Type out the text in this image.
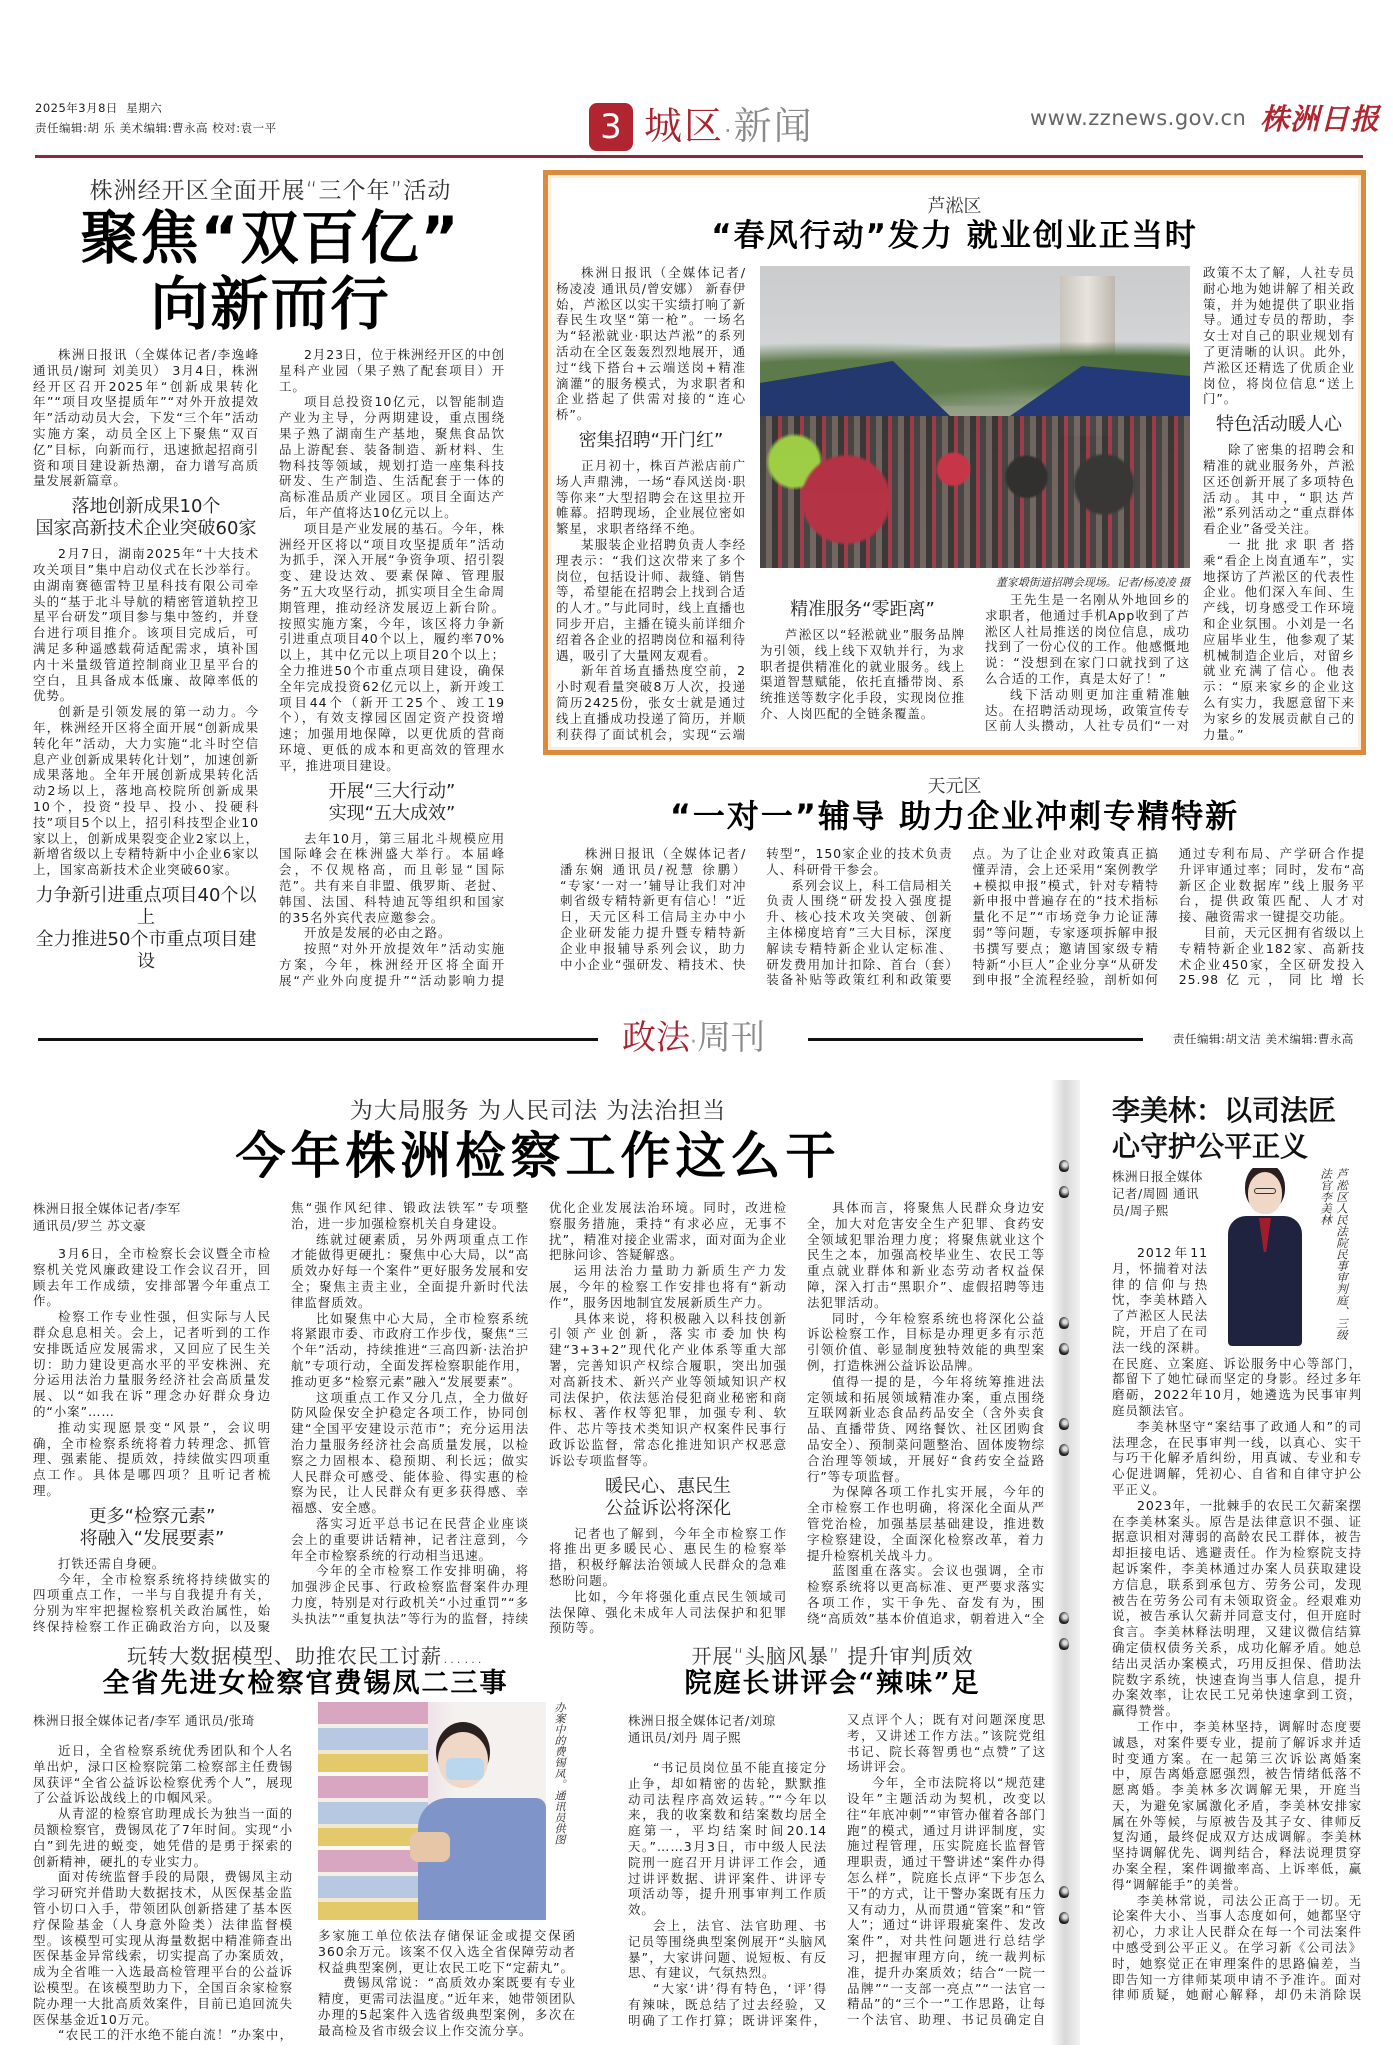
2025年3月8日 星期六
责任编辑:胡 乐 美术编辑:曹永高 校对:袁一平	3 城区·新闻	www.zznews.gov.cn 株洲日报
株洲经开区全面开展“三个年”活动
聚焦“双百亿”
向新而行

株洲日报讯（全媒体记者/李逸峰 通讯员/谢珂 刘美贝） 3月4日，株洲经开区召开2025年“创新成果转化年”“项目攻坚提质年”“对外开放提效年”活动动员大会，下发“三个年”活动实施方案，动员全区上下聚焦“双百亿”目标，向新而行，迅速掀起招商引资和项目建设新热潮，奋力谱写高质量发展新篇章。

落地创新成果10个
国家高新技术企业突破60家

2月7日，湖南2025年“十大技术攻关项目”集中启动仪式在长沙举行。由湖南赛德雷特卫星科技有限公司牵头的“基于北斗导航的精密管道轨控卫星平台研发”项目参与集中签约，并登台进行项目推介。该项目完成后，可满足多种遥感载荷适配需求，填补国内十米量级管道控制商业卫星平台的空白，且具备成本低廉、故障率低的优势。

创新是引领发展的第一动力。今年，株洲经开区将全面开展“创新成果转化年”活动，大力实施“北斗时空信息产业创新成果转化计划”，加速创新成果落地。全年开展创新成果转化活动2场以上，落地高校院所创新成果10个，投资“投早、投小、投硬科技”项目5个以上，招引科技型企业10家以上，创新成果裂变企业2家以上，新增省级以上专精特新中小企业6家以上，国家高新技术企业突破60家。

力争新引进重点项目40个以上
全力推进50个市重点项目建设

2月23日，位于株洲经开区的中创星科产业园（果子熟了配套项目）开工。

项目总投资10亿元，以智能制造产业为主导，分两期建设，重点围绕果子熟了湖南生产基地，聚焦食品饮品上游配套、装备制造、新材料、生物科技等领域，规划打造一座集科技研发、生产制造、生活配套于一体的高标准品质产业园区。项目全面达产后，年产值将达10亿元以上。

项目是产业发展的基石。今年，株洲经开区将以“项目攻坚提质年”活动为抓手，深入开展“争资争项、招引裂变、建设达效、要素保障、管理服务”五大攻坚行动，抓实项目全生命周期管理，推动经济发展迈上新台阶。按照实施方案，今年，该区将力争新引进重点项目40个以上，履约率70%以上，其中亿元以上项目20个以上；全力推进50个市重点项目建设，确保全年完成投资62亿元以上，新开竣工项目44个（新开工25个、竣工19个），有效支撑园区固定资产投资增速；加强用地保障，以更优质的营商环境、更低的成本和更高效的管理水平，推进项目建设。

开展“三大行动”
实现“五大成效”

去年10月，第三届北斗规模应用国际峰会在株洲盛大举行。本届峰会，不仅规格高，而且彰显“国际范”。共有来自非盟、俄罗斯、老挝、韩国、法国、科特迪瓦等组织和国家的35名外宾代表应邀参会。

开放是发展的必由之路。

按照“对外开放提效年”活动实施方案，今年，株洲经开区将全面开展“产业外向度提升”“活动影响力提

芦淞区
“春风行动”发力 就业创业正当时

株洲日报讯（全媒体记者/杨凌凌 通讯员/曾安娜） 新春伊始，芦淞区以实干实绩打响了新春民生攻坚“第一枪”。一场名为“轻淞就业·职达芦淞”的系列活动在全区轰轰烈烈地展开，通过“线下搭台+云端送岗+精准滴灌”的服务模式，为求职者和企业搭起了供需对接的“连心桥”。

密集招聘“开门红”

正月初十，株百芦淞店前广场人声鼎沸，一场“春风送岗·职等你来”大型招聘会在这里拉开帷幕。招聘现场，企业展位密如繁星，求职者络绎不绝。

某服装企业招聘负责人李经理表示：“我们这次带来了多个岗位，包括设计师、裁缝、销售等，希望能在招聘会上找到合适的人才。”与此同时，线上直播也同步开启，主播在镜头前详细介绍着各企业的招聘岗位和福利待遇，吸引了大量网友观看。

新年首场直播热度空前，2小时观看量突破8万人次，投递简历2425份，张女士就是通过线上直播成功投递了简历，并顺利获得了面试机会，实现“云端

董家塅街道招聘会现场。记者/杨凌凌 摄
精准服务“零距离”

芦淞区以“轻淞就业”服务品牌为引领，线上线下双轨并行，为求职者提供精准化的就业服务。线上渠道智慧赋能，依托直播带岗、系统推送等数字化手段，实现岗位推介、人岗匹配的全链条覆盖。

王先生是一名刚从外地回乡的求职者，他通过手机App收到了芦淞区人社局推送的岗位信息，成功找到了一份心仪的工作。他感慨地说：“没想到在家门口就找到了这么合适的工作，真是太好了！”

线下活动则更加注重精准触达。在招聘活动现场，政策宣传专区前人头攒动，人社专员们“一对

政策不太了解，人社专员耐心地为她讲解了相关政策，并为她提供了职业指导。通过专员的帮助，李女士对自己的职业规划有了更清晰的认识。此外，芦淞区还精选了优质企业岗位，将岗位信息“送上门”。

特色活动暖人心

除了密集的招聘会和精准的就业服务外，芦淞区还创新开展了多项特色活动。其中，“职达芦淞”系列活动之“重点群体看企业”备受关注。

一批批求职者搭乘“看企上岗直通车”，实地探访了芦淞区的代表性企业。他们深入车间、生产线，切身感受工作环境和企业氛围。小刘是一名应届毕业生，他参观了某机械制造企业后，对留乡就业充满了信心。他表示：“原来家乡的企业这么有实力，我愿意留下来为家乡的发展贡献自己的力量。”

天元区
“一对一”辅导 助力企业冲刺专精特新

株洲日报讯（全媒体记者/潘东娴 通讯员/祝慧 徐鹏） “专家‘一对一’辅导让我们对冲刺省级专精特新更有信心！”近日，天元区科工信局主办中小企业研发能力提升暨专精特新企业申报辅导系列会议，助力中小企业“强研发、精技术、快转型”，150家企业的技术负责人、科研骨干参会。

系列会议上，科工信局相关负责人围绕“研发投入强度提升、核心技术攻关突破、创新主体梯度培育”三大目标，深度解读专精特新企业认定标准、研发费用加计扣除、首台（套）装备补贴等政策红利和政策要点。为了让企业对政策真正搞懂弄清，会上还采用“案例教学+模拟申报”模式，针对专精特新申报中普遍存在的“技术指标量化不足”“市场竞争力论证薄弱”等问题，专家逐项拆解申报书撰写要点；邀请国家级专精特新“小巨人”企业分享“从研发到申报”全流程经验，剖析如何通过专利布局、产学研合作提升评审通过率；同时，发布“高新区企业数据库”线上服务平台，提供政策匹配、人才对接、融资需求一键提交功能。

目前，天元区拥有省级以上专精特新企业182家、高新技术企业450家，全区研发投入25.98亿元，同比增长

政法·周刊	责任编辑:胡文洁 美术编辑:曹永高
为大局服务 为人民司法 为法治担当
今年株洲检察工作这么干
株洲日报全媒体记者/李军
通讯员/罗兰 苏文豪

3月6日，全市检察长会议暨全市检察机关党风廉政建设工作会议召开，回顾去年工作成绩，安排部署今年重点工作。

检察工作专业性强，但实际与人民群众息息相关。会上，记者听到的工作安排既适应发展需求，又回应了民生关切：助力建设更高水平的平安株洲、充分运用法治力量服务经济社会高质量发展、以“如我在诉”理念办好群众身边的“小案”……

推动实现愿景变“风景”，会议明确，全市检察系统将着力转理念、抓管理、强素能、提质效，持续做实四项重点工作。具体是哪四项？且听记者梳理。

更多“检察元素”
将融入“发展要素”

打铁还需自身硬。

今年，全市检察系统将持续做实的四项重点工作，一半与自我提升有关，分别为牢牢把握检察机关政治属性，始终保持检察工作正确政治方向，以及聚焦“强作风纪律、锻政法铁军”专项整治，进一步加强检察机关自身建设。

练就过硬素质，另外两项重点工作才能做得更硬扎：聚焦中心大局，以“高质效办好每一个案件”更好服务发展和安全；聚焦主责主业，全面提升新时代法律监督质效。

比如聚焦中心大局，全市检察系统将紧跟市委、市政府工作步伐，聚焦“三个年”活动，持续推进“三高四新·法治护航”专项行动，全面发挥检察职能作用，推动更多“检察元素”融入“发展要素”。

这项重点工作又分几点，全力做好防风险保安全护稳定各项工作，协同创建“全国平安建设示范市”；充分运用法治力量服务经济社会高质量发展，以检察之力固根本、稳预期、利长远；做实人民群众可感受、能体验、得实惠的检察为民，让人民群众有更多获得感、幸福感、安全感。

落实习近平总书记在民营企业座谈会上的重要讲话精神，记者注意到，今年全市检察系统的行动相当迅速。

今年的全市检察工作安排明确，将加强涉企民事、行政检察监督案件办理力度，特别是对行政机关“小过重罚”“多头执法”“重复执法”等行为的监督，持续优化企业发展法治环境。同时，改进检察服务措施，秉持“有求必应，无事不扰”，精准对接企业需求，面对面为企业把脉问诊、答疑解惑。

运用法治力量助力新质生产力发展，今年的检察工作安排也将有“新动作”，服务因地制宜发展新质生产力。

具体来说，将积极融入以科技创新引领产业创新，落实市委加快构建“3+3+2”现代化产业体系等重大部署，完善知识产权综合履职，突出加强对高新技术、新兴产业等领域知识产权司法保护，依法惩治侵犯商业秘密和商标权、著作权等犯罪，加强专利、软件、芯片等技术类知识产权案件民事行政诉讼监督，常态化推进知识产权恶意诉讼专项监督等。

暖民心、惠民生
公益诉讼将深化

记者也了解到，今年全市检察工作将推出更多暖民心、惠民生的检察举措，积极纾解法治领域人民群众的急难愁盼问题。

比如，今年将强化重点民生领域司法保障、强化未成年人司法保护和犯罪预防等。

具体而言，将聚焦人民群众身边安全，加大对危害安全生产犯罪、食药安全领域犯罪治理力度；将聚焦就业这个民生之本，加强高校毕业生、农民工等重点就业群体和新业态劳动者权益保障，深入打击“黑职介”、虚假招聘等违法犯罪活动。

同时，今年检察系统也将深化公益诉讼检察工作，目标是办理更多有示范引领价值、彰显制度独特效能的典型案例，打造株洲公益诉讼品牌。

值得一提的是，今年将统筹推进法定领域和拓展领域精准办案，重点围绕互联网新业态食品药品安全（含外卖食品、直播带货、网络餐饮、社区团购食品安全）、预制菜问题整治、固体废物综合治理等领域，开展好“食药安全益路行”等专项监督。

为保障各项工作扎实开展，今年的全市检察工作也明确，将深化全面从严管党治检，加强基层基础建设，推进数字检察建设，全面深化检察改革，着力提升检察机关战斗力。

蓝图重在落实。会议也强调，全市检察系统将以更高标准、更严要求落实各项工作，实干争先、奋发有为，围绕“高质效”基本价值追求，朝着进入“全

李美林：以司法匠心守护公平正义
芦淞区人民法院民事审判庭、三级法官李美林
株洲日报全媒体记者/周圆 通讯员/周子熙

2012年11月，怀揣着对法律的信仰与热忱，李美林踏入了芦淞区人民法院，开启了在司法一线的深耕。在民庭、立案庭、诉讼服务中心等部门，都留下了她忙碌而坚定的身影。经过多年磨砺，2022年10月，她遴选为民事审判庭员额法官。

李美林坚守“案结事了政通人和”的司法理念，在民事审判一线，以真心、实干与巧干化解矛盾纠纷，用真诚、专业和专心促进调解，凭初心、自省和自律守护公平正义。

2023年，一批棘手的农民工欠薪案摆在李美林案头。原告是法律意识不强、证据意识相对薄弱的高龄农民工群体，被告却拒接电话、逃避责任。作为检察院支持起诉案件，李美林通过办案人员获取建设方信息，联系到承包方、劳务公司，发现被告在劳务公司有未领取资金。经艰难劝说，被告承认欠薪并同意支付，但开庭时食言。李美林释法明理，又建议微信结算确定债权债务关系，成功化解矛盾。她总结出灵活办案模式，巧用反担保、借助法院数字系统，快速查询当事人信息，提升办案效率，让农民工兄弟快速拿到工资，赢得赞誉。

工作中，李美林坚持，调解时态度要诚恳，对案件要专业，提前了解诉求并适时变通方案。在一起第三次诉讼离婚案中，原告离婚意愿强烈，被告情绪低落不愿离婚。李美林多次调解无果，开庭当天，为避免家属激化矛盾，李美林安排家属在外等候，与原被告及其子女、律师反复沟通，最终促成双方达成调解。李美林坚持调解优先、调判结合，释法说理贯穿办案全程，案件调撤率高、上诉率低，赢得“调解能手”的美誉。

李美林常说，司法公正高于一切。无论案件大小、当事人态度如何，她都坚守初心，力求让人民群众在每一个司法案件中感受到公平正义。在学习新《公司法》时，她察觉正在审理案件的思路偏差，当即告知一方律师某项申请不予准许。面对律师质疑，她耐心解释，却仍未消除误

玩转大数据模型、助推农民工讨薪……
全省先进女检察官费锡凤二三事
株洲日报全媒体记者/李军 通讯员/张琦

近日，全省检察系统优秀团队和个人名单出炉，渌口区检察院第二检察部主任费锡凤获评“全省公益诉讼检察优秀个人”，展现了公益诉讼战线上的巾帼风采。

从青涩的检察官助理成长为独当一面的员额检察官，费锡凤花了7年时间。实现“小白”到先进的蜕变，她凭借的是勇于探索的创新精神，硬扎的专业实力。

面对传统监督手段的局限，费锡凤主动学习研究并借助大数据技术，从医保基金监管小切口入手，带领团队创新搭建了基本医疗保险基金（人身意外险类）法律监督模型。该模型可实现从海量数据中精准筛查出医保基金异常线索，切实提高了办案质效，成为全省唯一入选最高检管理平台的公益诉讼模型。在该模型助力下，全国百余家检察院办理一大批高质效案件，目前已追回流失医保基金近10万元。

“农民工的汗水绝不能白流！”办案中，

办案中的费锡凤。通讯员供图

多家施工单位依法存储保证金或提交保函360余万元。该案不仅入选全省保障劳动者权益典型案例，更让农民工吃下“定薪丸”。

费锡凤常说：“高质效办案既要有专业精度，更需司法温度。”近年来，她带领团队办理的5起案件入选省级典型案例，多次在最高检及省市级会议上作交流分享。

开展“头脑风暴” 提升审判质效
院庭长讲评会“辣味”足
株洲日报全媒体记者/刘琼
通讯员/刘丹 周子熙

“书记员岗位虽不能直接定分止争，却如精密的齿轮，默默推动司法程序高效运转。”“今年以来，我的收案数和结案数均居全庭第一，平均结案时间20.14天。”……3月3日，市中级人民法院刑一庭召开月讲评工作会，通过讲评数据、讲评案件、讲评专项活动等，提升刑事审判工作质效。

会上，法官、法官助理、书记员等围绕典型案例展开“头脑风暴”，大家讲问题、说短板、有反思、有建议，气氛热烈。

“大家‘讲’得有特色，‘评’得有辣味，既总结了过去经验，又明确了工作打算；既讲评案件，又点评个人；既有对问题深度思考，又讲述工作方法。”该院党组书记、院长蒋智勇也“点赞”了这场讲评会。

今年，全市法院将以“规范建设年”主题活动为契机，改变以往“年底冲刺”“审管办催着各部门跑”的模式，通过月讲评制度，实施过程管理，压实院庭长监督管理职责，通过干警讲述“案件办得怎么样”，院庭长点评“下步怎么干”的方式，让干警办案既有压力又有动力，从而贯通“管案”和“管人”；通过“讲评瑕疵案件、发改案件”，对共性问题进行总结学习，把握审理方向，统一裁判标准，提升办案质效；结合“一院一品牌”“一支部一亮点”“一法官一精品”的“三个一”工作思路，让每一个法官、助理、书记员确定自
